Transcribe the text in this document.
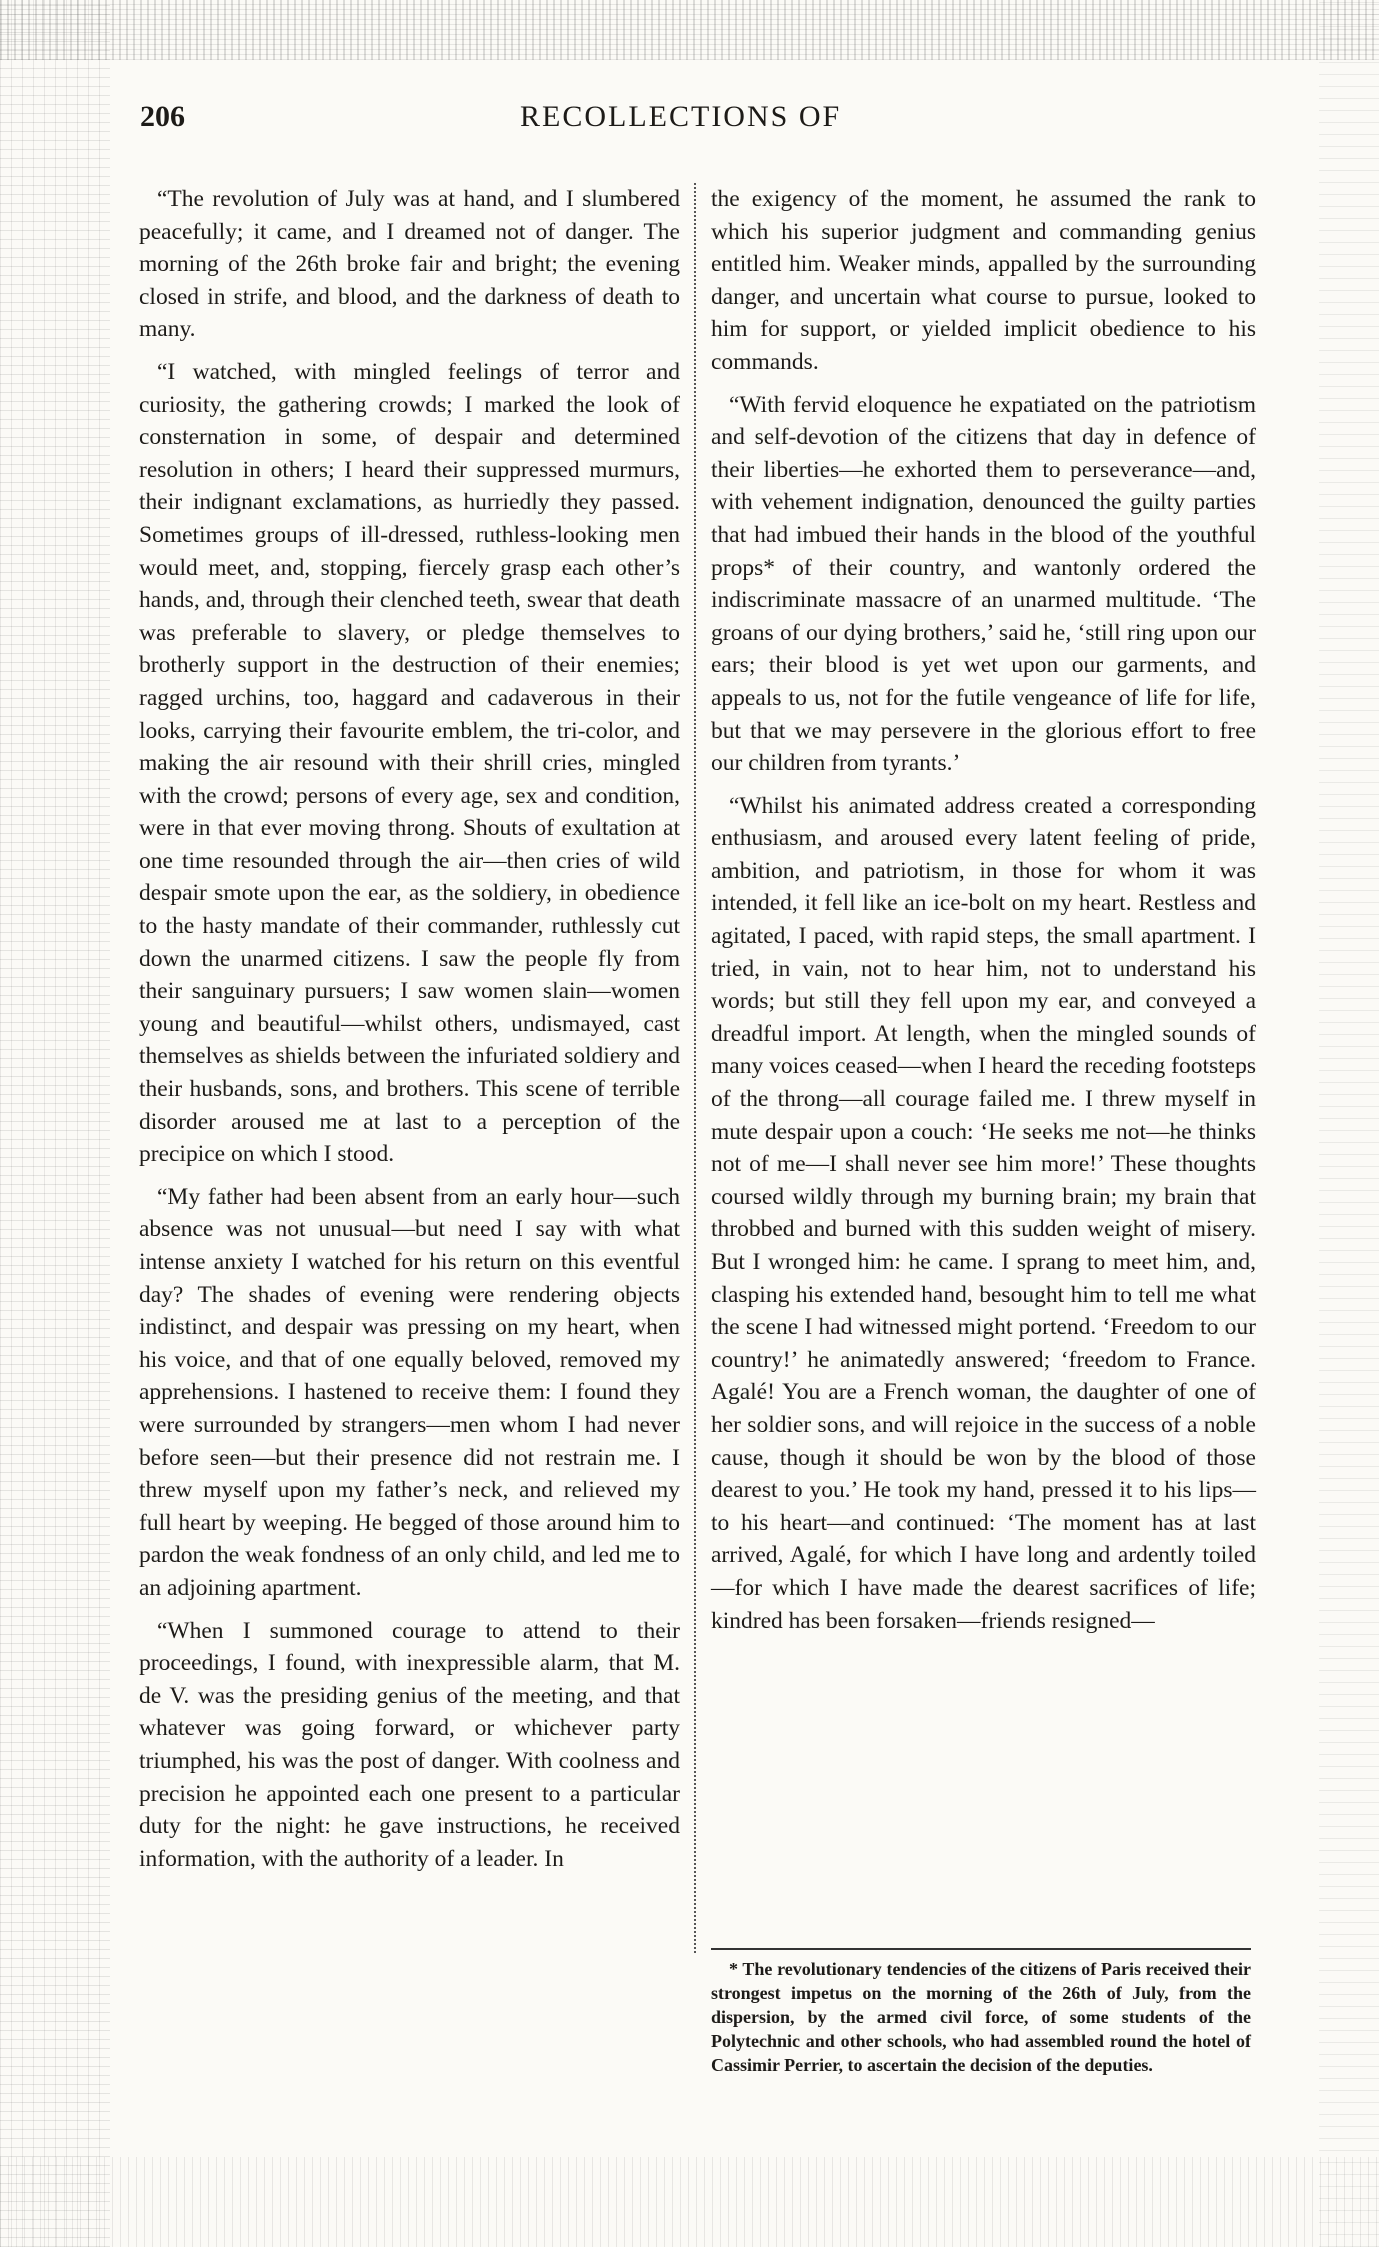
206	RECOLLECTIONS OF

“The revolution of July was at hand, and I slumbered peacefully; it came, and I dreamed not of danger. The morning of the 26th broke fair and bright; the evening closed in strife, and blood, and the darkness of death to many.

“I watched, with mingled feelings of terror and curiosity, the gathering crowds; I marked the look of consternation in some, of despair and determined resolution in others; I heard their suppressed murmurs, their indignant exclamations, as hurriedly they passed. Sometimes groups of ill-dressed, ruthless-looking men would meet, and, stopping, fiercely grasp each other’s hands, and, through their clenched teeth, swear that death was preferable to slavery, or pledge themselves to brotherly support in the destruction of their enemies; ragged urchins, too, haggard and cadaverous in their looks, carrying their favourite emblem, the tri-color, and making the air resound with their shrill cries, mingled with the crowd; persons of every age, sex and condition, were in that ever moving throng. Shouts of exultation at one time resounded through the air—then cries of wild despair smote upon the ear, as the soldiery, in obedience to the hasty mandate of their commander, ruthlessly cut down the unarmed citizens. I saw the people fly from their sanguinary pursuers; I saw women slain—women young and beautiful—whilst others, undismayed, cast themselves as shields between the infuriated soldiery and their husbands, sons, and brothers. This scene of terrible disorder aroused me at last to a perception of the precipice on which I stood.

“My father had been absent from an early hour—such absence was not unusual—but need I say with what intense anxiety I watched for his return on this eventful day? The shades of evening were rendering objects indistinct, and despair was pressing on my heart, when his voice, and that of one equally beloved, removed my apprehensions. I hastened to receive them: I found they were surrounded by strangers—men whom I had never before seen—but their presence did not restrain me. I threw myself upon my father’s neck, and relieved my full heart by weeping. He begged of those around him to pardon the weak fondness of an only child, and led me to an adjoining apartment.

“When I summoned courage to attend to their proceedings, I found, with inexpressible alarm, that M. de V. was the presiding genius of the meeting, and that whatever was going forward, or whichever party triumphed, his was the post of danger. With coolness and precision he appointed each one present to a particular duty for the night: he gave instructions, he received information, with the authority of a leader. In

the exigency of the moment, he assumed the rank to which his superior judgment and commanding genius entitled him. Weaker minds, appalled by the surrounding danger, and uncertain what course to pursue, looked to him for support, or yielded implicit obedience to his commands.

“With fervid eloquence he expatiated on the patriotism and self-devotion of the citizens that day in defence of their liberties—he exhorted them to perseverance—and, with vehement indignation, denounced the guilty parties that had imbued their hands in the blood of the youthful props* of their country, and wantonly ordered the indiscriminate massacre of an unarmed multitude. ‘The groans of our dying brothers,’ said he, ‘still ring upon our ears; their blood is yet wet upon our garments, and appeals to us, not for the futile vengeance of life for life, but that we may persevere in the glorious effort to free our children from tyrants.’

“Whilst his animated address created a corresponding enthusiasm, and aroused every latent feeling of pride, ambition, and patriotism, in those for whom it was intended, it fell like an ice-bolt on my heart. Restless and agitated, I paced, with rapid steps, the small apartment. I tried, in vain, not to hear him, not to understand his words; but still they fell upon my ear, and conveyed a dreadful import. At length, when the mingled sounds of many voices ceased—when I heard the receding footsteps of the throng—all courage failed me. I threw myself in mute despair upon a couch: ‘He seeks me not—he thinks not of me—I shall never see him more!’ These thoughts coursed wildly through my burning brain; my brain that throbbed and burned with this sudden weight of misery. But I wronged him: he came. I sprang to meet him, and, clasping his extended hand, besought him to tell me what the scene I had witnessed might portend. ‘Freedom to our country!’ he animatedly answered; ‘freedom to France. Agalé! You are a French woman, the daughter of one of her soldier sons, and will rejoice in the success of a noble cause, though it should be won by the blood of those dearest to you.’ He took my hand, pressed it to his lips—to his heart—and continued: ‘The moment has at last arrived, Agalé, for which I have long and ardently toiled—for which I have made the dearest sacrifices of life; kindred has been forsaken—friends resigned—

* The revolutionary tendencies of the citizens of Paris received their strongest impetus on the morning of the 26th of July, from the dispersion, by the armed civil force, of some students of the Polytechnic and other schools, who had assembled round the hotel of Cassimir Perrier, to ascertain the decision of the deputies.
